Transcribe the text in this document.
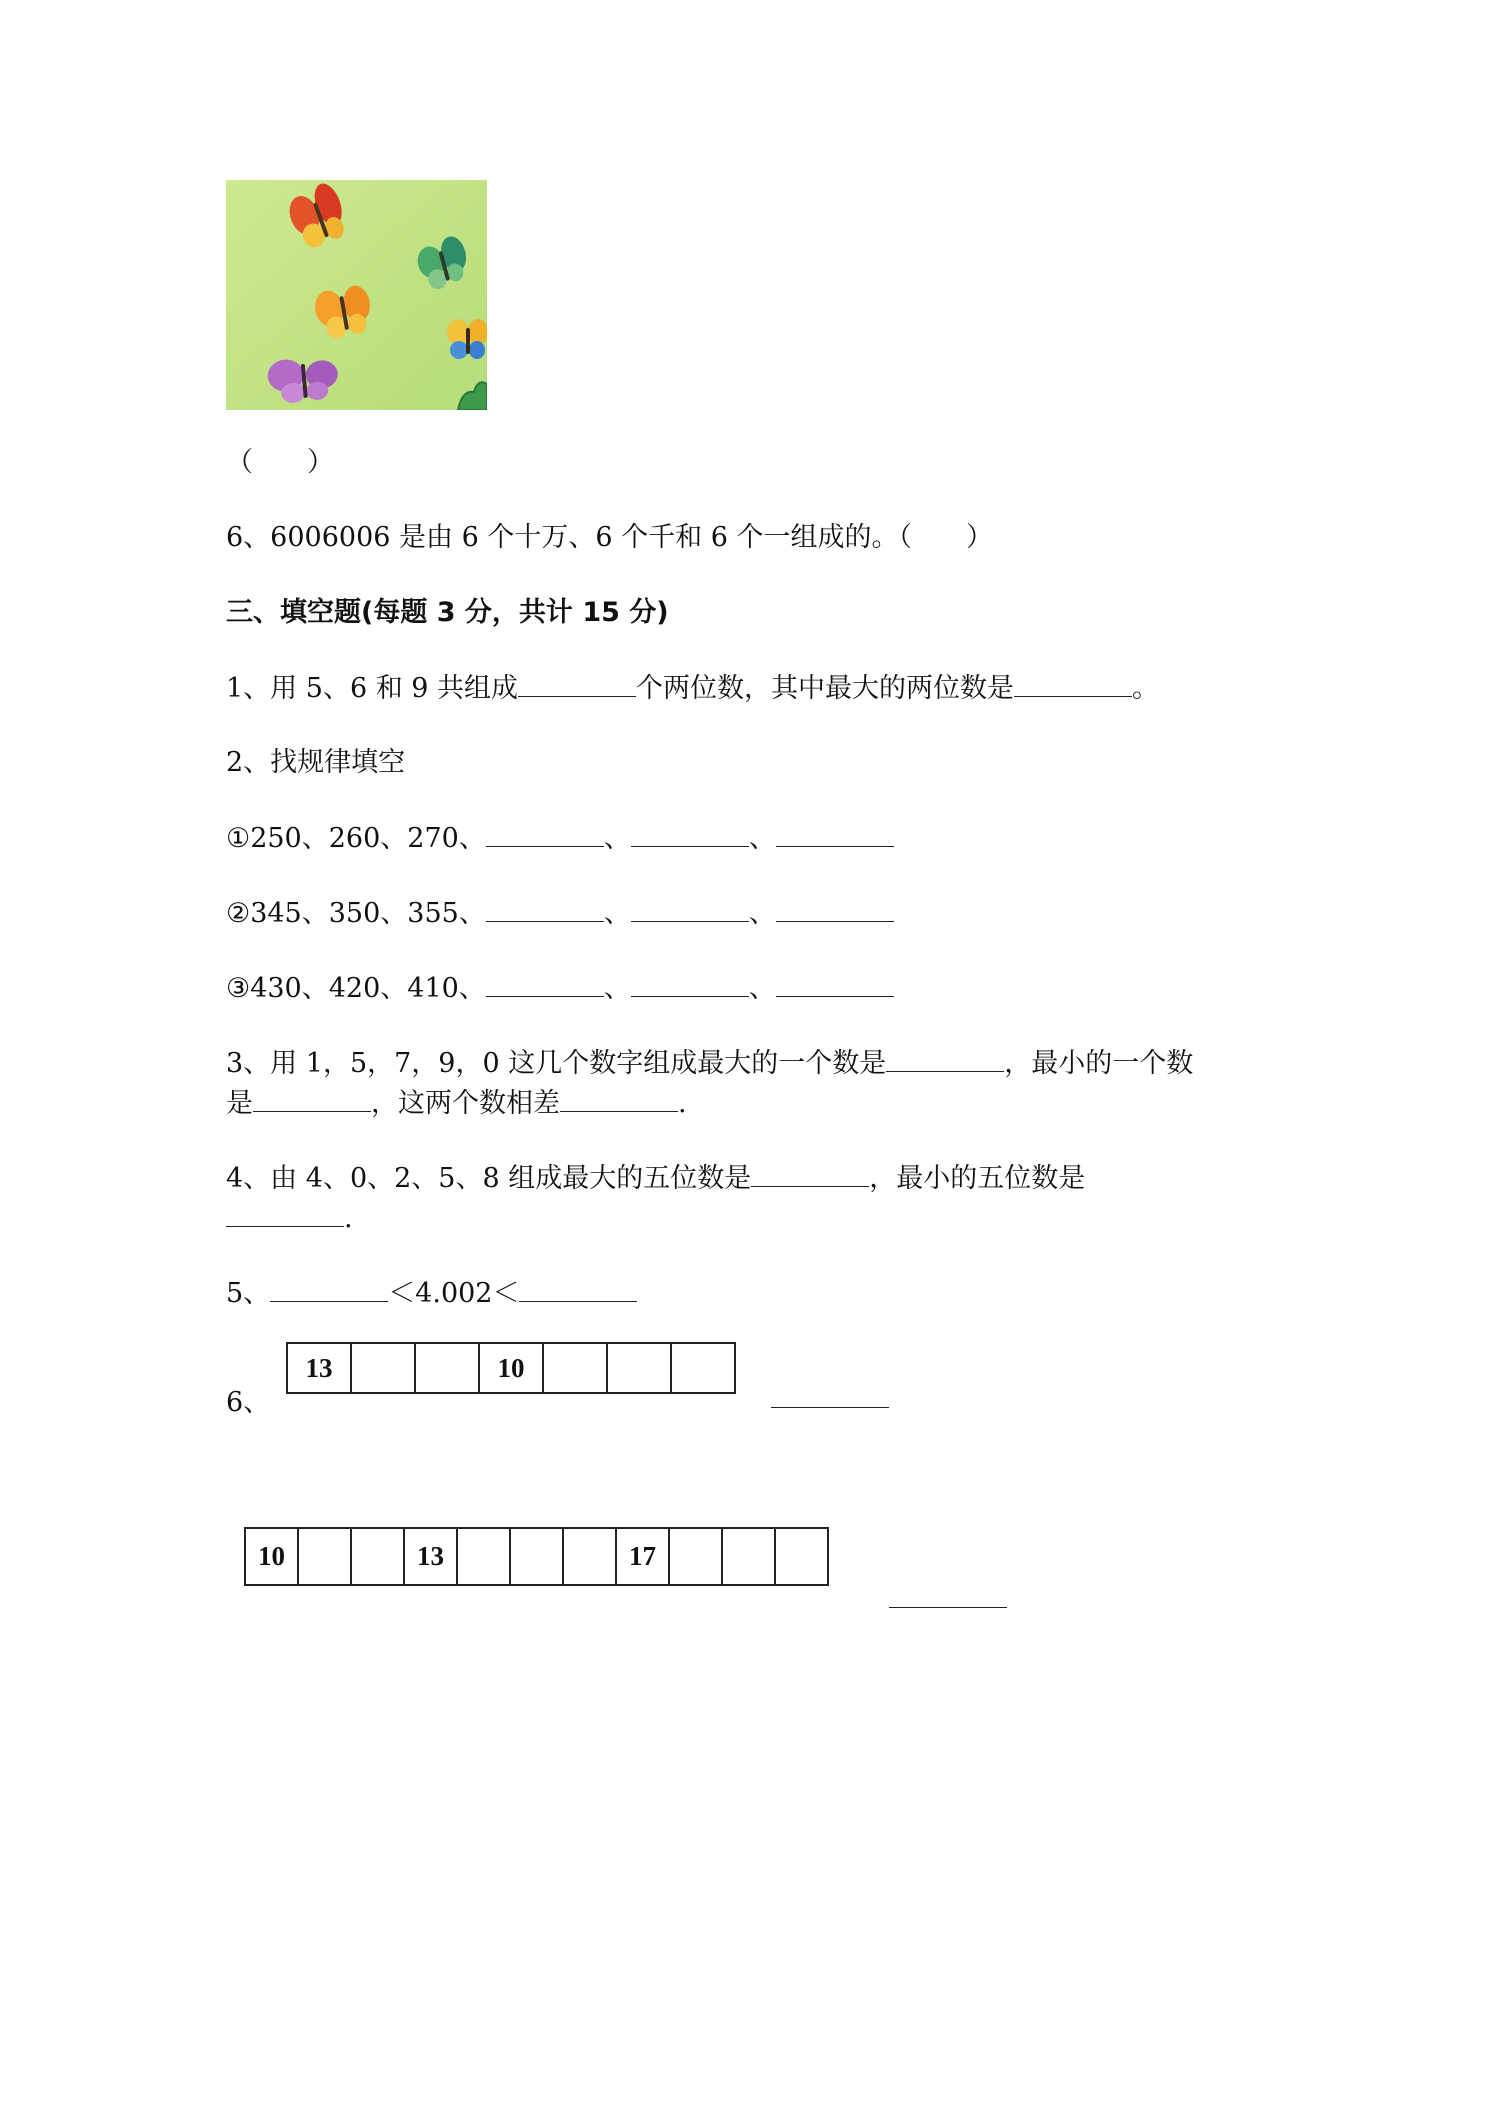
（　　）
6、6006006 是由 6 个十万、6 个千和 6 个一组成的。（　　）
三、填空题(每题 3 分，共计 15 分)
1、用 5、6 和 9 共组成	个两位数，其中最大的两位数是	。
2、找规律填空
①250、260、270、	、	、
②345、350、355、	、	、
③430、420、410、	、	、
3、用 1，5，7，9，0 这几个数字组成最大的一个数是	，最小的一个数
是	，这两个数相差	.
4、由 4、0、2、5、8 组成最大的五位数是	，最小的五位数是
.
5、	＜4.002＜
6、
13			10			
10			13				17			
